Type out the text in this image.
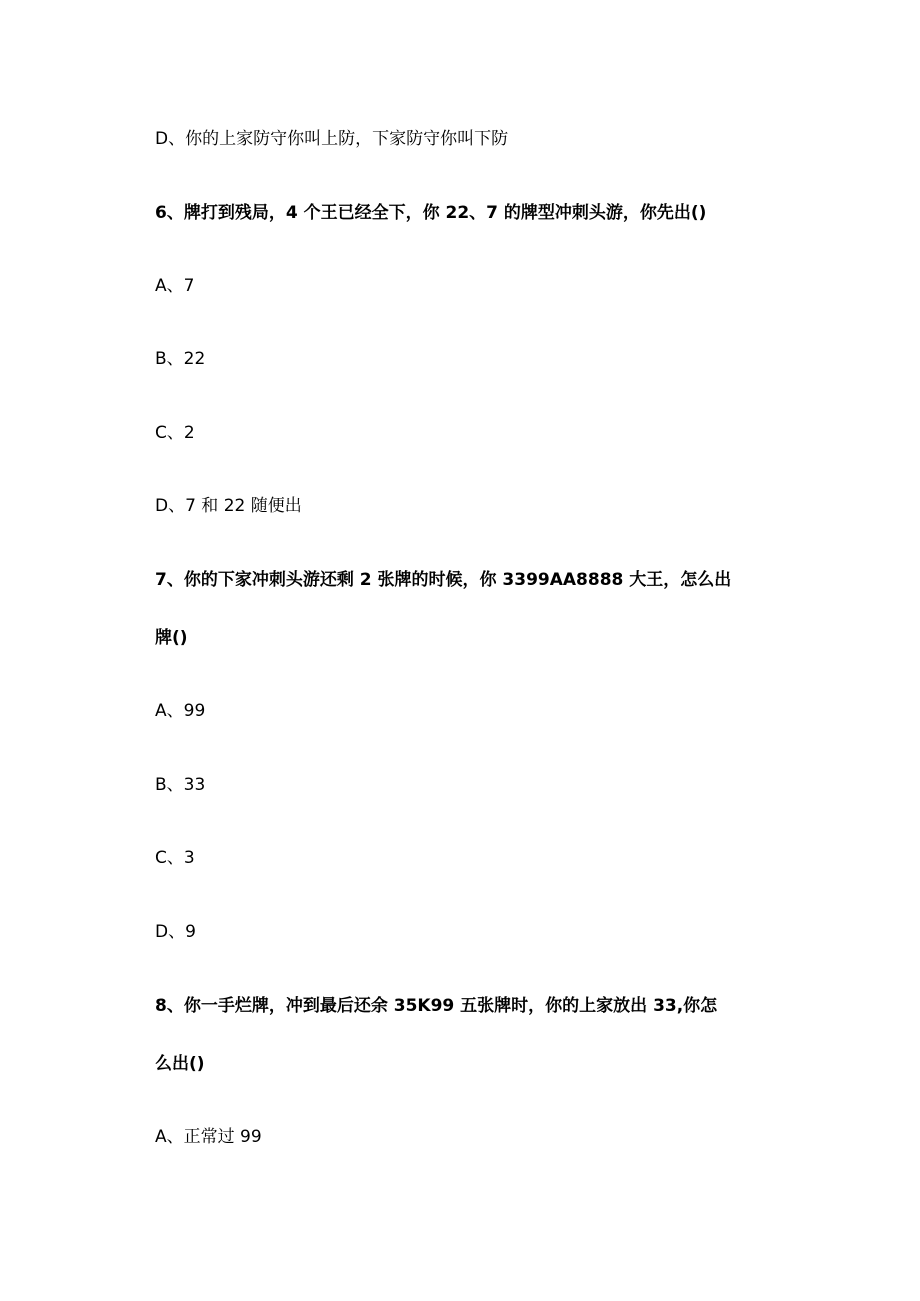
D、你的上家防守你叫上防，下家防守你叫下防
6、牌打到残局，4 个王已经全下，你 22、7 的牌型冲刺头游，你先出()
A、7
B、22
C、2
D、7 和 22 随便出
7、你的下家冲刺头游还剩 2 张牌的时候，你 3399AA8888 大王，怎么出
牌()
A、99
B、33
C、3
D、9
8、你一手烂牌，冲到最后还余 35K99 五张牌时，你的上家放出 33,你怎
么出()
A、正常过 99
